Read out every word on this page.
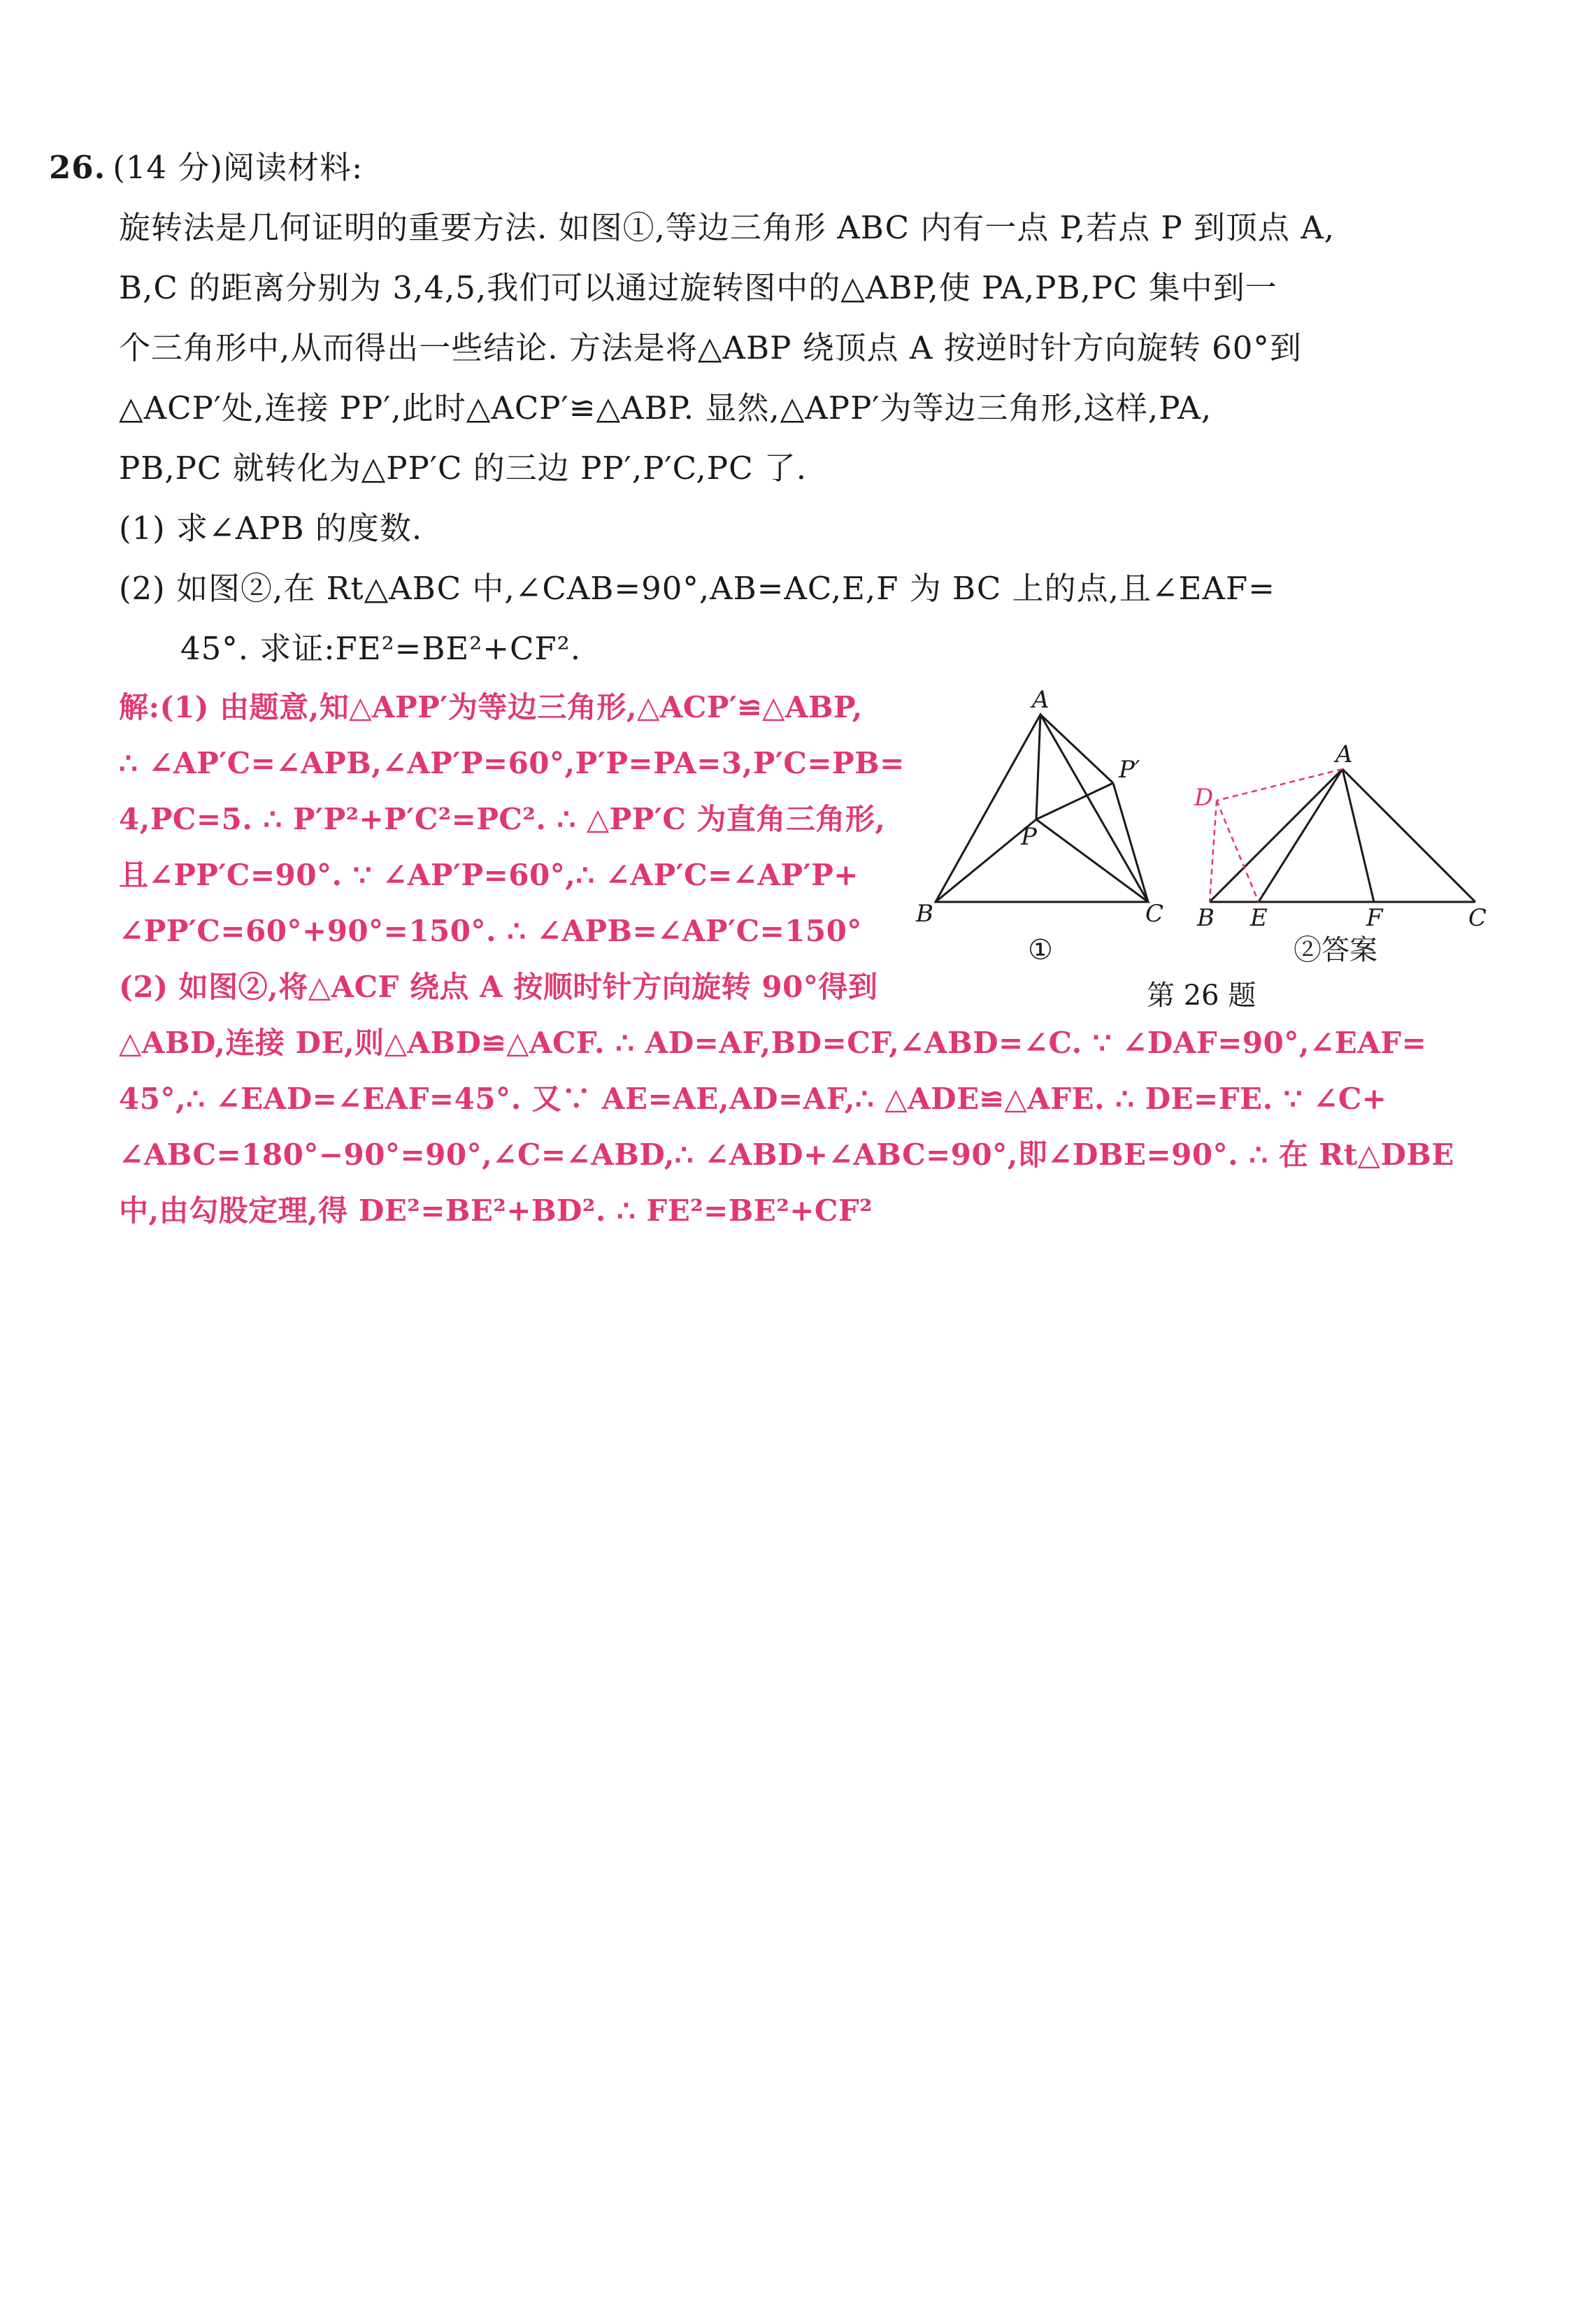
26. (14 分)阅读材料:
旋转法是几何证明的重要方法. 如图①,等边三角形 ABC 内有一点 P,若点 P 到顶点 A,
B,C 的距离分别为 3,4,5,我们可以通过旋转图中的△ABP,使 PA,PB,PC 集中到一
个三角形中,从而得出一些结论. 方法是将△ABP 绕顶点 A 按逆时针方向旋转 60°到
△ACP′处,连接 PP′,此时△ACP′≌△ABP. 显然,△APP′为等边三角形,这样,PA,
PB,PC 就转化为△PP′C 的三边 PP′,P′C,PC 了.
(1) 求∠APB 的度数.
(2) 如图②,在 Rt△ABC 中,∠CAB=90°,AB=AC,E,F 为 BC 上的点,且∠EAF=
45°. 求证:FE²=BE²+CF².
解:(1) 由题意,知△APP′为等边三角形,△ACP′≌△ABP,
∴ ∠AP′C=∠APB,∠AP′P=60°,P′P=PA=3,P′C=PB=
4,PC=5. ∴ P′P²+P′C²=PC². ∴ △PP′C 为直角三角形,
且∠PP′C=90°. ∵ ∠AP′P=60°,∴ ∠AP′C=∠AP′P+
∠PP′C=60°+90°=150°. ∴ ∠APB=∠AP′C=150°
(2) 如图②,将△ACF 绕点 A 按顺时针方向旋转 90°得到
△ABD,连接 DE,则△ABD≌△ACF. ∴ AD=AF,BD=CF,∠ABD=∠C. ∵ ∠DAF=90°,∠EAF=
45°,∴ ∠EAD=∠EAF=45°. 又∵ AE=AE,AD=AF,∴ △ADE≌△AFE. ∴ DE=FE. ∵ ∠C+
∠ABC=180°−90°=90°,∠C=∠ABD,∴ ∠ABD+∠ABC=90°,即∠DBE=90°. ∴ 在 Rt△DBE
中,由勾股定理,得 DE²=BE²+BD². ∴ FE²=BE²+CF²
A
B	C
P
P′
①
A
B	C
E	F
D
②答案
第 26 题
